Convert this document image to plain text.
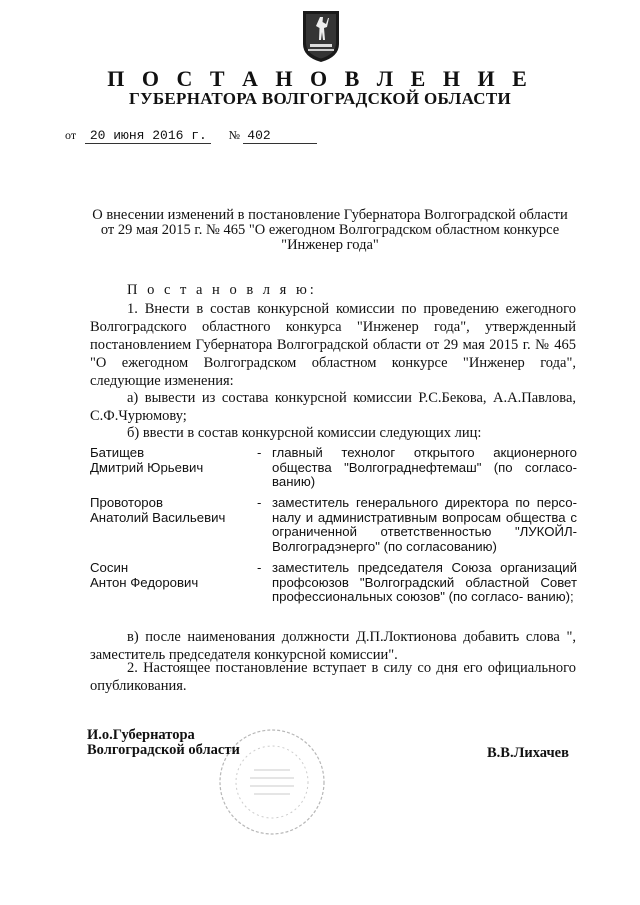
П О С Т А Н О В Л Е Н И Е
ГУБЕРНАТОРА ВОЛГОГРАДСКОЙ ОБЛАСТИ
от 20 июня 2016 г. № 402
О внесении изменений в постановление Губернатора Волгоградской области
от 29 мая 2015 г. № 465 "О ежегодном Волгоградском областном конкурсе
"Инженер года"
П о с т а н о в л я ю:
1. Внести в состав конкурсной комиссии по проведению ежегодного Волгоградского областного конкурса "Инженер года", утвержденный постановлением Губернатора Волгоградской области от 29 мая 2015 г. № 465 "О ежегодном Волгоградском областном конкурсе "Инженер года", следующие изменения:
а) вывести из состава конкурсной комиссии Р.С.Бекова, А.А.Павлова, С.Ф.Чурюмову;
б) ввести в состав конкурсной комиссии следующих лиц:
Батищев
Дмитрий Юрьевич
- главный технолог открытого акционерного общества "Волгограднефтемаш" (по согласо- ванию)
Провоторов
Анатолий Васильевич
- заместитель генерального директора по персо- налу и административным вопросам общества с ограниченной ответственностью "ЛУКОЙЛ- Волгоградэнерго" (по согласованию)
Сосин
Антон Федорович
- заместитель председателя Союза организаций профсоюзов "Волгоградский областной Совет профессиональных союзов" (по согласо- ванию);
в) после наименования должности Д.П.Локтионова добавить слова ", заместитель председателя конкурсной комиссии".
2. Настоящее постановление вступает в силу со дня его официального опубликования.
И.о.Губернатора
Волгоградской области	В.В.Лихачев
